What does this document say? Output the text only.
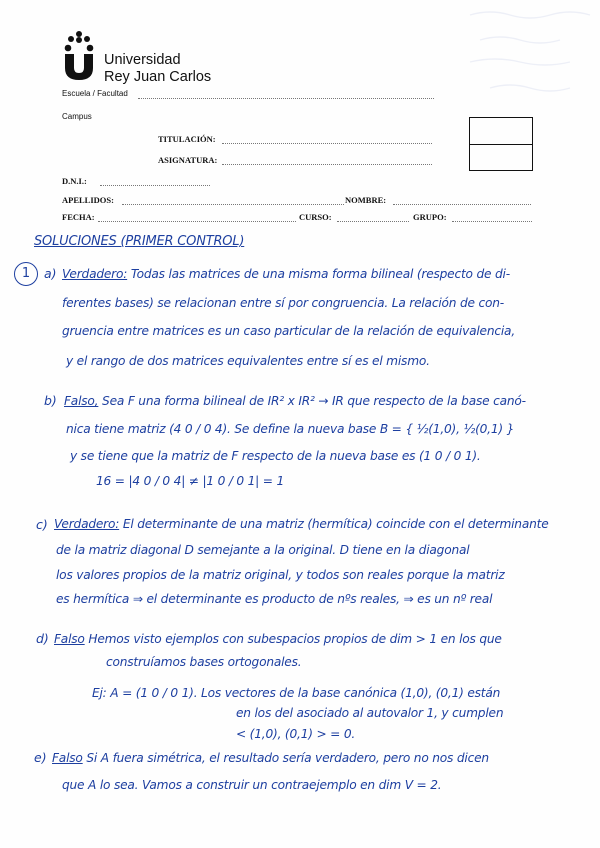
Universidad
Rey Juan Carlos
Escuela / Facultad
Campus
TITULACIÓN:
ASIGNATURA:
D.N.I.:
APELLIDOS:	NOMBRE:
FECHA:	CURSO:	GRUPO:
SOLUCIONES (PRIMER CONTROL)
1	a) Verdadero: Todas las matrices de una misma forma bilineal (respecto de di-
ferentes bases) se relacionan entre sí por congruencia. La relación de con-
gruencia entre matrices es un caso particular de la relación de equivalencia,
y el rango de dos matrices equivalentes entre sí es el mismo.
b) Falso, Sea F una forma bilineal de IR² x IR² → IR que respecto de la base canó-
nica tiene matriz (4 0 / 0 4). Se define la nueva base B = { ½(1,0), ½(0,1) }
y se tiene que la matriz de F respecto de la nueva base es (1 0 / 0 1).
16 = |4 0 / 0 4| ≠ |1 0 / 0 1| = 1
c) Verdadero: El determinante de una matriz (hermítica) coincide con el determinante
de la matriz diagonal D semejante a la original. D tiene en la diagonal
los valores propios de la matriz original, y todos son reales porque la matriz
es hermítica ⇒ el determinante es producto de nºs reales, ⇒ es un nº real
d) Falso Hemos visto ejemplos con subespacios propios de dim > 1 en los que
construíamos bases ortogonales.
Ej: A = (1 0 / 0 1). Los vectores de la base canónica (1,0), (0,1) están
en los del asociado al autovalor 1, y cumplen
< (1,0), (0,1) > = 0.
e) Falso Si A fuera simétrica, el resultado sería verdadero, pero no nos dicen
que A lo sea. Vamos a construir un contraejemplo en dim V = 2.
